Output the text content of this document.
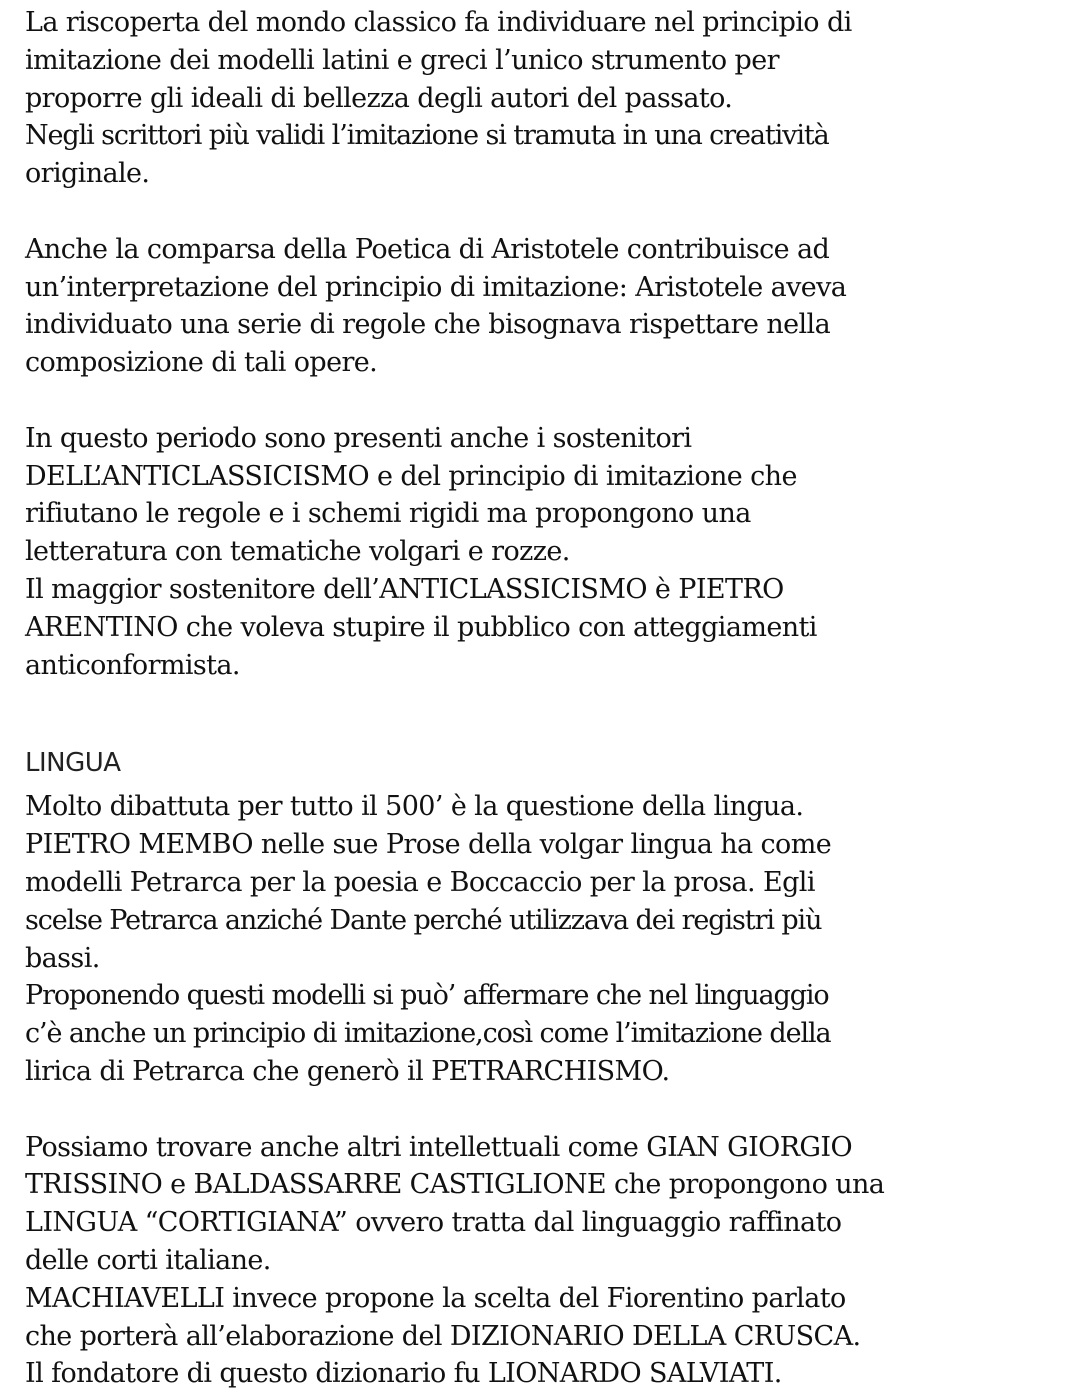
La riscoperta del mondo classico fa individuare nel principio di
imitazione dei modelli latini e greci l’unico strumento per
proporre gli ideali di bellezza degli autori del passato.
Negli scrittori più validi l’imitazione si tramuta in una creatività
originale.
Anche la comparsa della Poetica di Aristotele contribuisce ad
un’interpretazione del principio di imitazione: Aristotele aveva
individuato una serie di regole che bisognava rispettare nella
composizione di tali opere.
In questo periodo sono presenti anche i sostenitori
DELL’ANTICLASSICISMO e del principio di imitazione che
rifiutano le regole e i schemi rigidi ma propongono una
letteratura con tematiche volgari e rozze.
Il maggior sostenitore dell’ANTICLASSICISMO è PIETRO
ARENTINO che voleva stupire il pubblico con atteggiamenti
anticonformista.
LINGUA
Molto dibattuta per tutto il 500’ è la questione della lingua.
PIETRO MEMBO nelle sue Prose della volgar lingua ha come
modelli Petrarca per la poesia e Boccaccio per la prosa. Egli
scelse Petrarca anziché Dante perché utilizzava dei registri più
bassi.
Proponendo questi modelli si può’ affermare che nel linguaggio
c’è anche un principio di imitazione,così come l’imitazione della
lirica di Petrarca che generò il PETRARCHISMO.
Possiamo trovare anche altri intellettuali come GIAN GIORGIO
TRISSINO e BALDASSARRE CASTIGLIONE che propongono una
LINGUA “CORTIGIANA” ovvero tratta dal linguaggio raffinato
delle corti italiane.
MACHIAVELLI invece propone la scelta del Fiorentino parlato
che porterà all’elaborazione del DIZIONARIO DELLA CRUSCA.
Il fondatore di questo dizionario fu LIONARDO SALVIATI.
